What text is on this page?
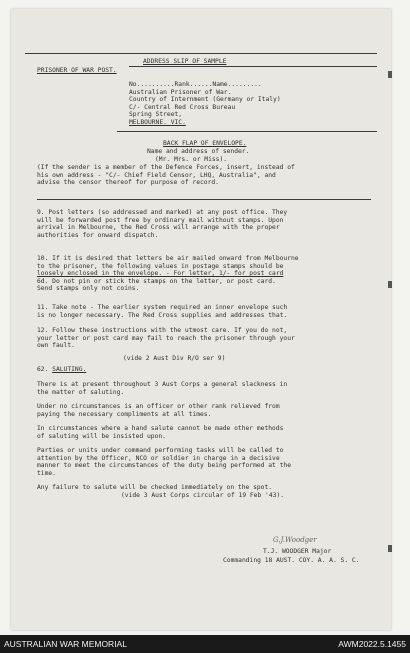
ADDRESS SLIP OF SAMPLE
PRISONER OF WAR POST.

No..........Rank......Name.........

Australian Prisoner of War.

Country of Internment (Germany or Italy)

C/- Central Red Cross Bureau

Spring Street,

MELBOURNE. VIC.

BACK FLAP OF ENVELOPE.
Name and address of sender.
(Mr. Mrs. or Miss).

(If the sender is a member of the Defence Forces, insert, instead of

his own address - "C/- Chief Field Censor, LHQ, Australia", and

advise the censor thereof for purpose of record.

9. Post letters (so addressed and marked) at any post office. They

will be forwarded post free by ordinary mail without stamps. Upon

arrival in Melbourne, the Red Cross will arrange with the proper

authorities for onward dispatch.

10. If it is desired that letters be air mailed onward from Melbourne

to the prisoner, the following values in postage stamps should be

loosely enclosed in the envelope. - For letter, 1/- for post card

6d. Do not pin or stick the stamps on the letter, or post card.

Send stamps only not coins.

11. Take note - The earlier system required an inner envelope such

is no longer necessary. The Red Cross supplies and addresses that.

12. Follow these instructions with the utmost care. If you do not,

your letter or post card may fail to reach the prisoner through your

own fault.

(vide 2 Aust Div R/O ser 9)
62. SALUTING.

There is at present throughout 3 Aust Corps a general slackness in

the matter of saluting.

Under no circumstances is an officer or other rank relieved from

paying the necessary compliments at all times.

In circumstances where a hand salute cannot be made other methods

of saluting will be insisted upon.

Parties or units under command performing tasks will be called to

attention by the Officer, NCO or soldier in charge in a decisive

manner to meet the circumstances of the duty being performed at the

time.

Any failure to salute will be checked immediately on the spot.

(vide 3 Aust Corps circular of 19 Feb '43).
G.J.Woodger
T.J. WOODGER Major
Commanding 18 AUST. COY. A. A. S. C.
AUSTRALIAN WAR MEMORIAL	AWM2022.5.1455
